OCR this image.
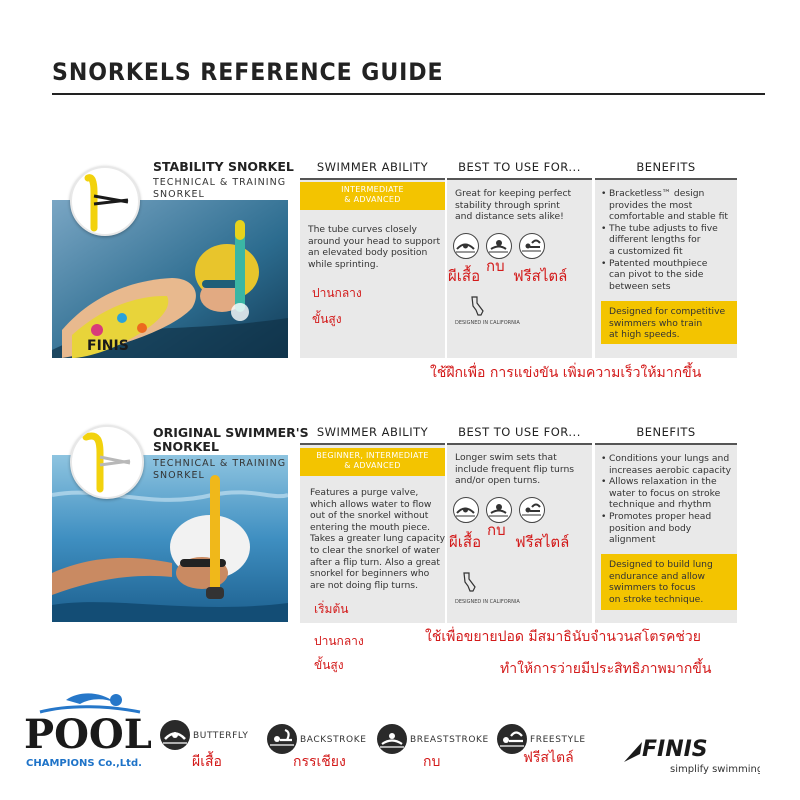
SNORKELS REFERENCE GUIDE
FINIS
STABILITY SNORKEL
TECHNICAL & TRAINING
SNORKEL
SWIMMER ABILITY	BEST TO USE FOR...	BENEFITS
INTERMEDIATE
& ADVANCED
The tube curves closely
around your head to support
an elevated body position
while sprinting.
ปานกลาง
ขั้นสูง
Great for keeping perfect
stability through sprint
and distance sets alike!
ผีเสื้อ
กบ
ฟรีสไตล์
DESIGNED IN CALIFORNIA
• Bracketless™ design
provides the most
comfortable and stable fit
• The tube adjusts to five
different lengths for
a customized fit
• Patented mouthpiece
can pivot to the side
between sets
Designed for competitive
swimmers who train
at high speeds.
ใช้ฝึกเพื่อ การแข่งขัน เพิ่มความเร็วให้มากขึ้น
ORIGINAL SWIMMER'S
SNORKEL
TECHNICAL & TRAINING
SNORKEL
SWIMMER ABILITY	BEST TO USE FOR...	BENEFITS
BEGINNER, INTERMEDIATE
& ADVANCED
Features a purge valve,
which allows water to flow
out of the snorkel without
entering the mouth piece.
Takes a greater lung capacity
to clear the snorkel of water
after a flip turn. Also a great
snorkel for beginners who
are not doing flip turns.
เริ่มต้น
ปานกลาง
ขั้นสูง
Longer swim sets that
include frequent flip turns
and/or open turns.
ผีเสื้อ
กบ
ฟรีสไตล์
DESIGNED IN CALIFORNIA
• Conditions your lungs and
increases aerobic capacity
• Allows relaxation in the
water to focus on stroke
technique and rhythm
• Promotes proper head
position and body alignment
Designed to build lung
endurance and allow
swimmers to focus
on stroke technique.
ใช้เพื่อขยายปอด มีสมาธินับจำนวนสโตรคช่วย
ทำให้การว่ายมีประสิทธิภาพมากขึ้น
POOL
CHAMPIONS Co.,Ltd.
BUTTERFLY
ผีเสื้อ
BACKSTROKE
กรรเชียง
BREASTSTROKE
กบ
FREESTYLE
ฟรีสไตล์	FINIS
simplify swimming
